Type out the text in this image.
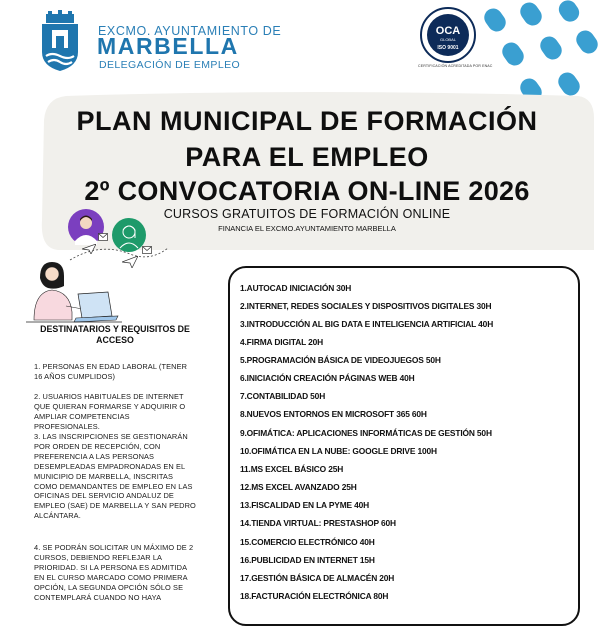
EXCMO. AYUNTAMIENTO DE
MARBELLA
DELEGACIÓN DE EMPLEO
OCA
GLOBAL
ISO 9001
CERTIFICACIÓN ACREDITADA POR ENAC
PLAN MUNICIPAL DE FORMACIÓN
PARA EL EMPLEO
2º CONVOCATORIA ON-LINE 2026
CURSOS GRATUITOS DE FORMACIÓN ONLINE
FINANCIA EL EXCMO.AYUNTAMIENTO MARBELLA
DESTINATARIOS Y REQUISITOS DE ACCESO
1. PERSONAS EN EDAD LABORAL (TENER 16 AÑOS CUMPLIDOS)
2. USUARIOS HABITUALES DE INTERNET QUE QUIERAN FORMARSE Y ADQUIRIR O AMPLIAR COMPETENCIAS PROFESIONALES.
3. LAS INSCRIPCIONES SE GESTIONARÁN POR ORDEN DE RECEPCIÓN, CON PREFERENCIA A LAS PERSONAS DESEMPLEADAS EMPADRONADAS EN EL MUNICIPIO DE MARBELLA, INSCRITAS COMO DEMANDANTES DE EMPLEO EN LAS OFICINAS DEL SERVICIO ANDALUZ DE EMPLEO (SAE) DE MARBELLA Y SAN PEDRO ALCÁNTARA.
4. SE PODRÁN SOLICITAR UN MÁXIMO DE 2 CURSOS, DEBIENDO REFLEJAR LA PRIORIDAD. SI LA PERSONA ES ADMITIDA EN EL CURSO MARCADO COMO PRIMERA OPCIÓN, LA SEGUNDA OPCIÓN SÓLO SE CONTEMPLARÁ CUANDO NO HAYA
1.AUTOCAD INICIACIÓN 30H
2.INTERNET, REDES SOCIALES Y DISPOSITIVOS DIGITALES 30H
3.INTRODUCCIÓN AL BIG DATA E INTELIGENCIA ARTIFICIAL 40H
4.FIRMA DIGITAL 20H
5.PROGRAMACIÓN BÁSICA DE VIDEOJUEGOS 50H
6.INICIACIÓN CREACIÓN PÁGINAS WEB 40H
7.CONTABILIDAD 50H
8.NUEVOS ENTORNOS EN MICROSOFT 365 60H
9.OFIMÁTICA: APLICACIONES INFORMÁTICAS DE GESTIÓN 50H
10.OFIMÁTICA EN LA NUBE: GOOGLE DRIVE 100H
11.MS EXCEL BÁSICO 25H
12.MS EXCEL AVANZADO 25H
13.FISCALIDAD EN LA PYME 40H
14.TIENDA VIRTUAL: PRESTASHOP 60H
15.COMERCIO ELECTRÓNICO 40H
16.PUBLICIDAD EN INTERNET 15H
17.GESTIÓN BÁSICA DE ALMACÉN 20H
18.FACTURACIÓN ELECTRÓNICA 80H
